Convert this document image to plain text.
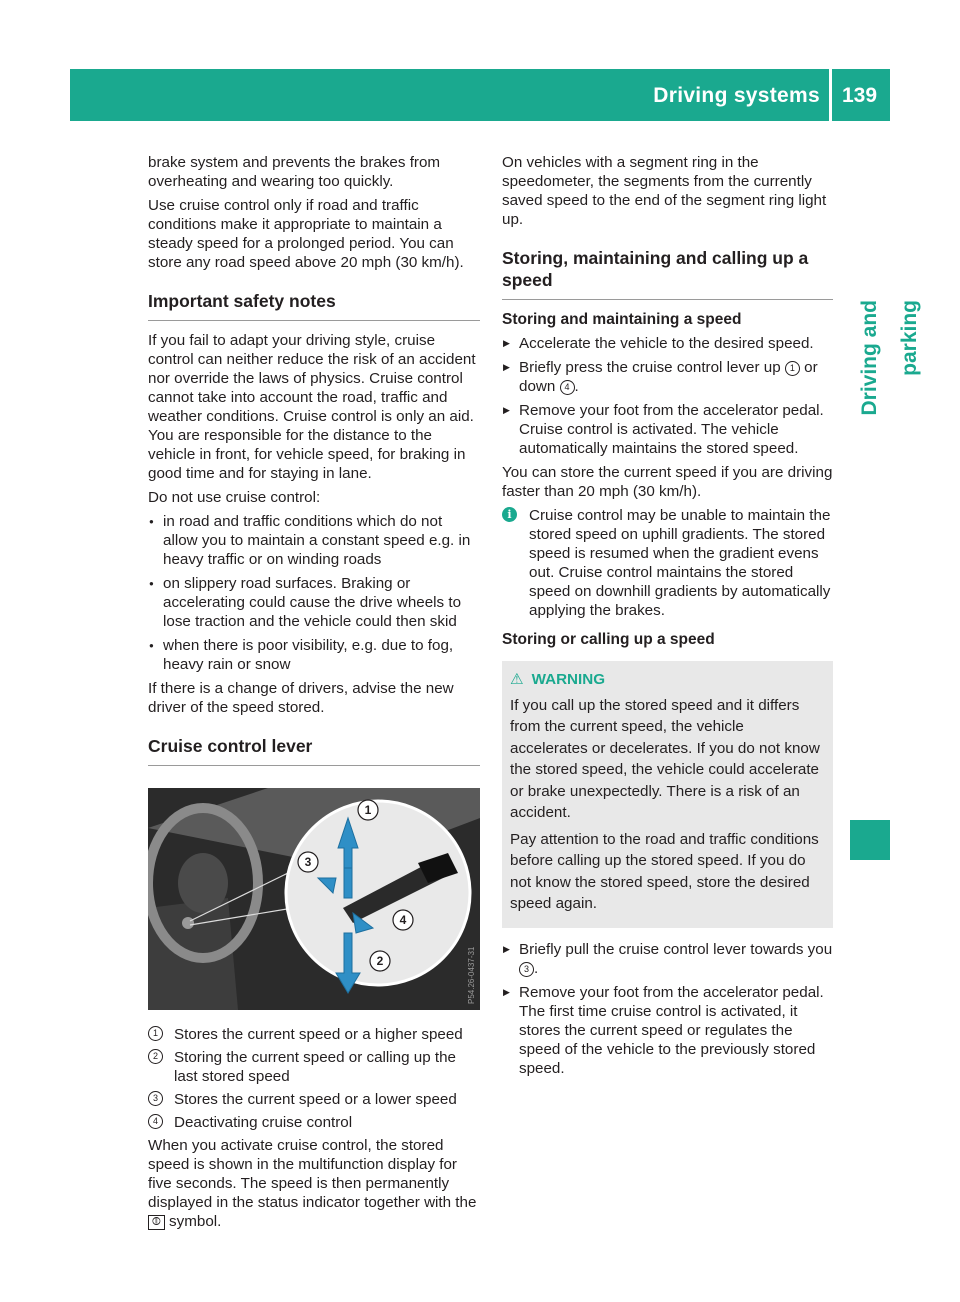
Driving systems 139
Driving and parking

brake system and prevents the brakes from overheating and wearing too quickly.

Use cruise control only if road and traffic conditions make it appropriate to maintain a steady speed for a prolonged period. You can store any road speed above 20 mph (30 km/h).

Important safety notes

If you fail to adapt your driving style, cruise control can neither reduce the risk of an accident nor override the laws of physics. Cruise control cannot take into account the road, traffic and weather conditions. Cruise control is only an aid. You are responsible for the distance to the vehicle in front, for vehicle speed, for braking in good time and for staying in lane.

Do not use cruise control:

● in road and traffic conditions which do not allow you to maintain a constant speed e.g. in heavy traffic or on winding roads
● on slippery road surfaces. Braking or accelerating could cause the drive wheels to lose traction and the vehicle could then skid
● when there is poor visibility, e.g. due to fog, heavy rain or snow

If there is a change of drivers, advise the new driver of the speed stored.

Cruise control lever
1
3
4
2	P54.26-0437-31
1	Stores the current speed or a higher speed
2	Storing the current speed or calling up the last stored speed
3	Stores the current speed or a lower speed
4	Deactivating cruise control

When you activate cruise control, the stored speed is shown in the multifunction display for five seconds. The speed is then permanently displayed in the status indicator together with the ⦷ symbol.

On vehicles with a segment ring in the speedometer, the segments from the currently saved speed to the end of the segment ring light up.

Storing, maintaining and calling up a speed
Storing and maintaining a speed
▶ Accelerate the vehicle to the desired speed.
▶ Briefly press the cruise control lever up 1 or down 4 .
▶ Remove your foot from the accelerator pedal.
Cruise control is activated. The vehicle automatically maintains the stored speed.

You can store the current speed if you are driving faster than 20 mph (30 km/h).

i	Cruise control may be unable to maintain the stored speed on uphill gradients. The stored speed is resumed when the gradient evens out. Cruise control maintains the stored speed on downhill gradients by automatically applying the brakes.
Storing or calling up a speed
⚠ WARNING

If you call up the stored speed and it differs from the current speed, the vehicle accelerates or decelerates. If you do not know the stored speed, the vehicle could accelerate or brake unexpectedly. There is a risk of an accident.

Pay attention to the road and traffic conditions before calling up the stored speed. If you do not know the stored speed, store the desired speed again.

▶ Briefly pull the cruise control lever towards you 3 .
▶ Remove your foot from the accelerator pedal. The first time cruise control is activated, it stores the current speed or regulates the speed of the vehicle to the previously stored speed.
